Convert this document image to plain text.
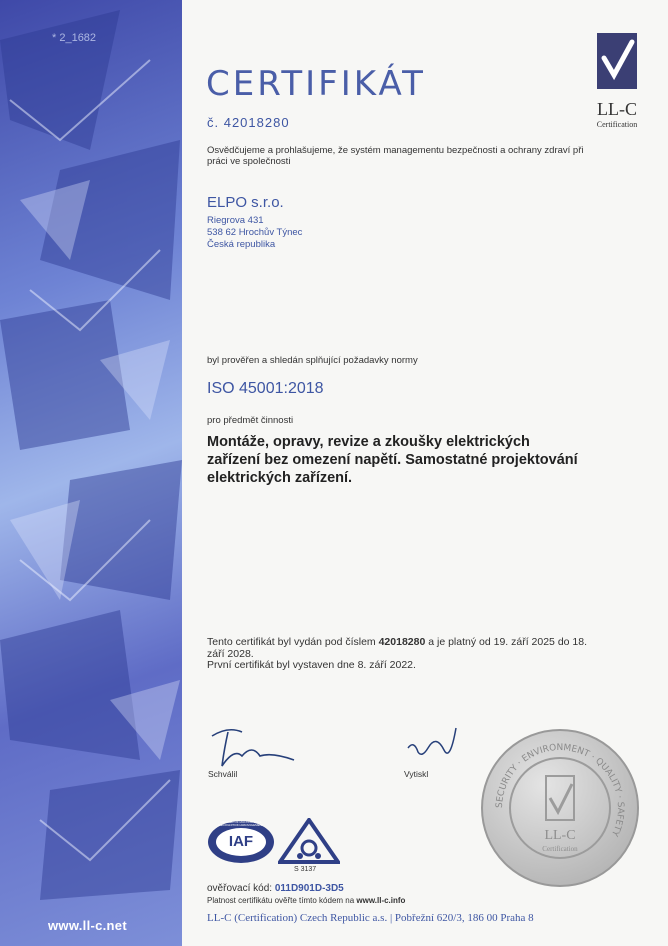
* 2_1682
www.ll-c.net
LL-C
Certification
CERTIFIKÁT
č. 42018280
Osvědčujeme a prohlašujeme, že systém managementu bezpečnosti a ochrany zdraví při práci ve společnosti
ELPO s.r.o.
Riegrova 431
538 62 Hrochův Týnec
Česká republika
byl prověřen a shledán splňující požadavky normy
ISO 45001:2018
pro předmět činnosti
Montáže, opravy, revize a zkoušky elektrických zařízení bez omezení napětí. Samostatné projektování elektrických zařízení.
Tento certifikát byl vydán pod číslem 42018280 a je platný od 19. září 2025 do 18. září 2028.
První certifikát byl vystaven dne 8. září 2022.
Schválil	Vytiskl
IAF
MEMBER OF MULTILATERAL RECOGNITION ARRANGEMENT
S 3137
SECURITY · ENVIRONMENT · QUALITY · SAFETY
LL-C
Certification
ověřovací kód: 011D901D-3D5
Platnost certifikátu ověřte tímto kódem na www.ll-c.info
LL-C (Certification) Czech Republic a.s. | Pobřežní 620/3, 186 00 Praha 8
